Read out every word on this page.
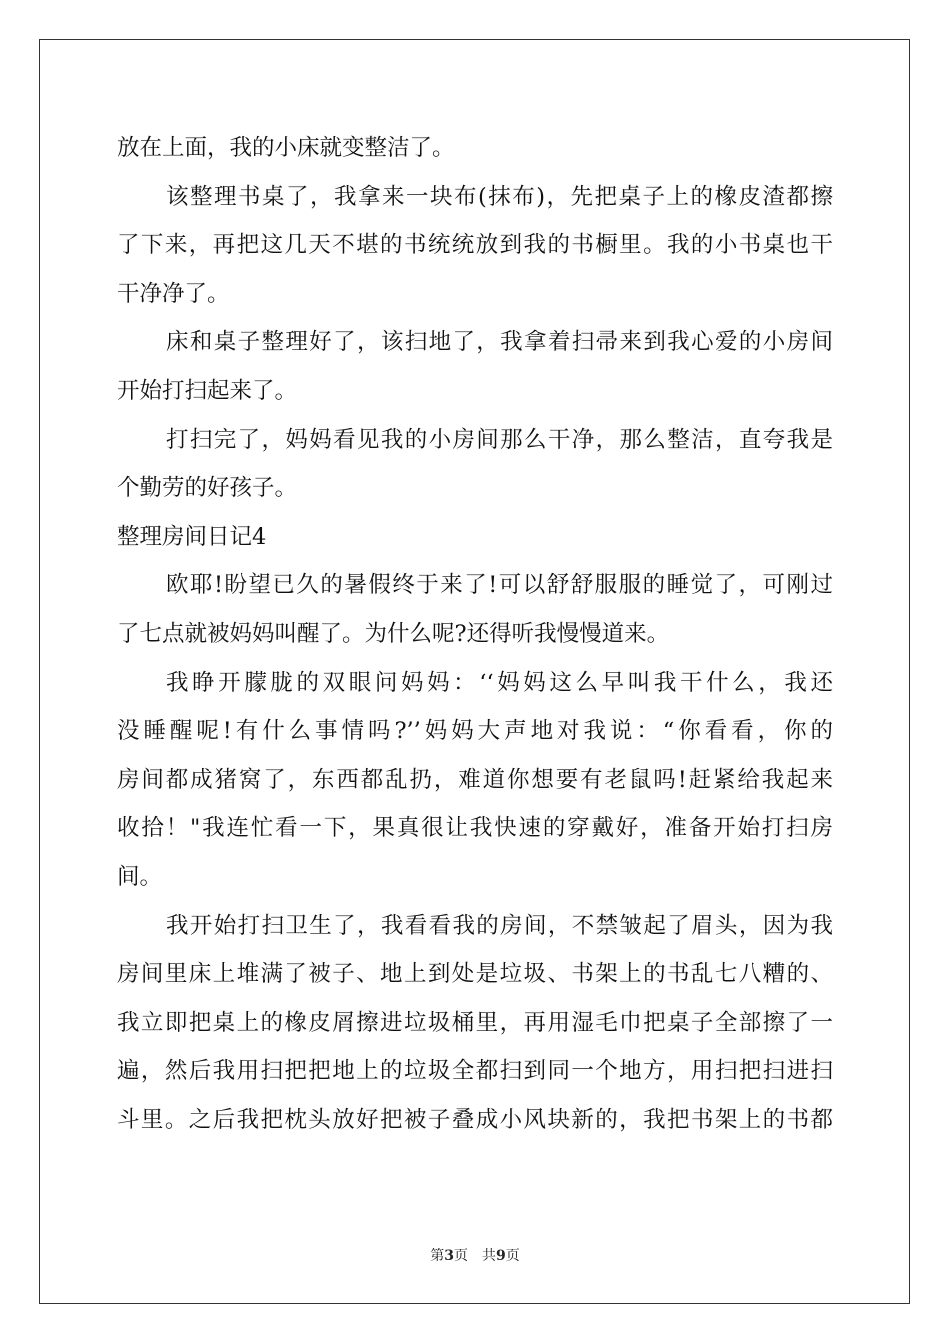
放在上面，我的小床就变整洁了。
该整理书桌了，我拿来一块布(抹布)，先把桌子上的橡皮渣都擦
了下来，再把这几天不堪的书统统放到我的书橱里。我的小书桌也干
干净净了。
床和桌子整理好了，该扫地了，我拿着扫帚来到我心爱的小房间
开始打扫起来了。
打扫完了，妈妈看见我的小房间那么干净，那么整洁，直夸我是
个勤劳的好孩子。
整理房间日记4
欧耶!盼望已久的暑假终于来了!可以舒舒服服的睡觉了，可刚过
了七点就被妈妈叫醒了。为什么呢?还得听我慢慢道来。
我睁开朦胧的双眼问妈妈：‘‘妈妈这么早叫我干什么，我还
没睡醒呢!有什么事情吗?’’妈妈大声地对我说：“你看看，你的
房间都成猪窝了，东西都乱扔，难道你想要有老鼠吗!赶紧给我起来
收拾！"我连忙看一下，果真很让我快速的穿戴好，准备开始打扫房
间。
我开始打扫卫生了，我看看我的房间，不禁皱起了眉头，因为我
房间里床上堆满了被子、地上到处是垃圾、书架上的书乱七八糟的、
我立即把桌上的橡皮屑擦进垃圾桶里，再用湿毛巾把桌子全部擦了一
遍，然后我用扫把把地上的垃圾全都扫到同一个地方，用扫把扫进扫
斗里。之后我把枕头放好把被子叠成小风块新的，我把书架上的书都
第3页 共9页
